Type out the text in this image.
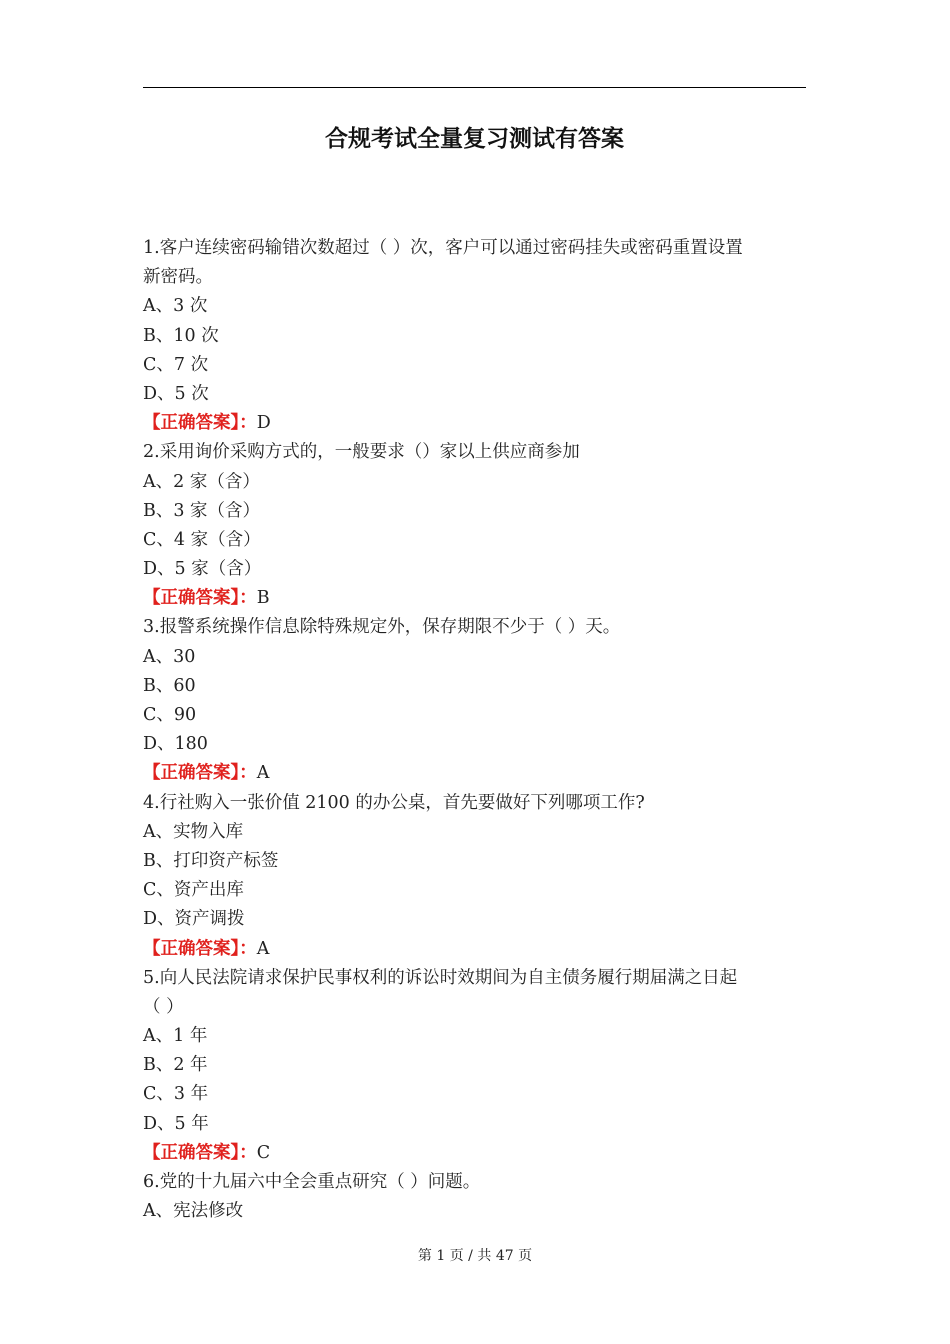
合规考试全量复习测试有答案
1.客户连续密码输错次数超过（ ）次，客户可以通过密码挂失或密码重置设置
新密码。
A、3 次
B、10 次
C、7 次
D、5 次
【正确答案】：D
2.采用询价采购方式的，一般要求（）家以上供应商参加
A、2 家（含）
B、3 家（含）
C、4 家（含）
D、5 家（含）
【正确答案】：B
3.报警系统操作信息除特殊规定外，保存期限不少于（ ）天。
A、30
B、60
C、90
D、180
【正确答案】：A
4.行社购入一张价值 2100 的办公桌，首先要做好下列哪项工作?
A、实物入库
B、打印资产标签
C、资产出库
D、资产调拨
【正确答案】：A
5.向人民法院请求保护民事权利的诉讼时效期间为自主债务履行期届满之日起
（ ）
A、1 年
B、2 年
C、3 年
D、5 年
【正确答案】：C
6.党的十九届六中全会重点研究（ ）问题。
A、宪法修改
第 1 页 / 共 47 页
